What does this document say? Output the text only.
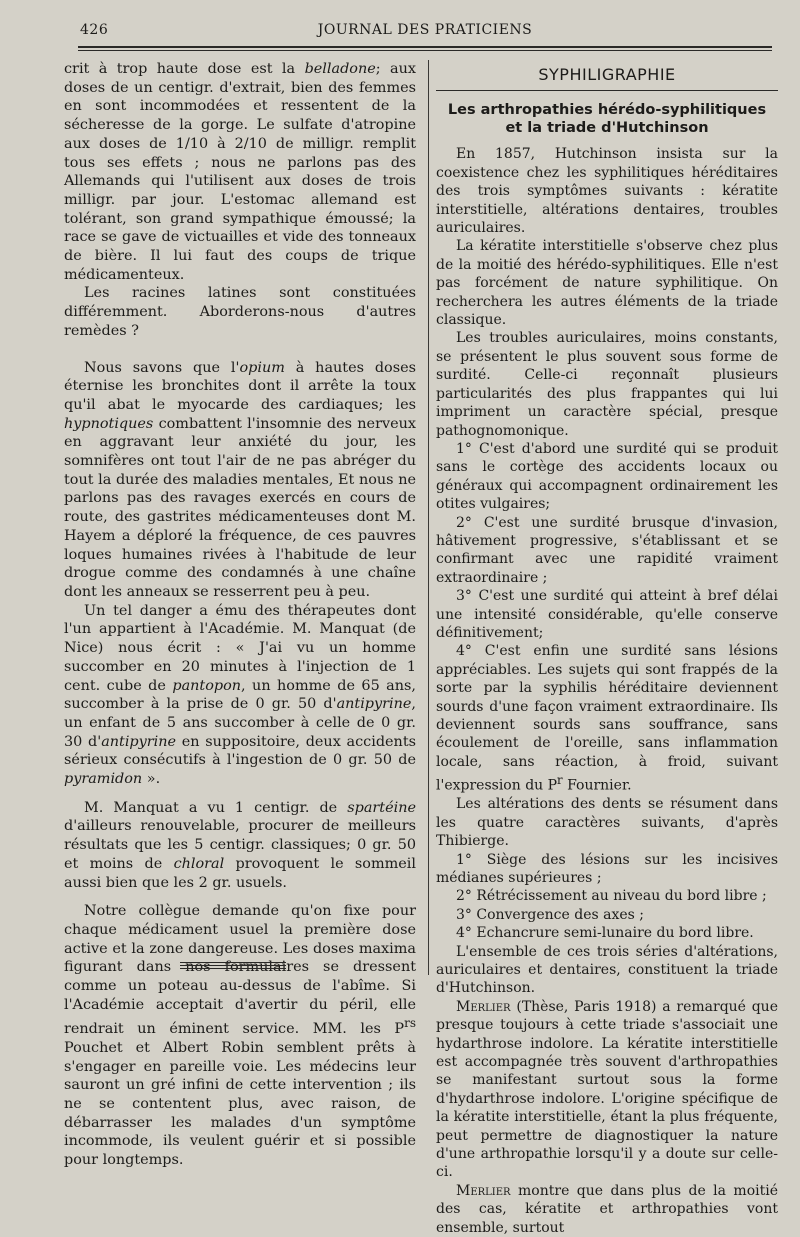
426	JOURNAL DES PRATICIENS

crit à trop haute dose est la belladone; aux doses de un centigr. d'extrait, bien des femmes en sont incommodées et ressentent de la sécheresse de la gorge. Le sulfate d'atropine aux doses de 1/10 à 2/10 de milligr. remplit tous ses effets ; nous ne parlons pas des Allemands qui l'utilisent aux doses de trois milligr. par jour. L'estomac allemand est tolérant, son grand sympathique émoussé; la race se gave de victuailles et vide des tonneaux de bière. Il lui faut des coups de trique médicamenteux.

Les racines latines sont constituées différemment. Aborderons-nous d'autres remèdes ?

Nous savons que l'opium à hautes doses éternise les bronchites dont il arrête la toux qu'il abat le myocarde des cardiaques; les hypnotiques combattent l'insomnie des nerveux en aggravant leur anxiété du jour, les somnifères ont tout l'air de ne pas abréger du tout la durée des maladies mentales, Et nous ne parlons pas des ravages exercés en cours de route, des gastrites médicamenteuses dont M. Hayem a déploré la fréquence, de ces pauvres loques humaines rivées à l'habitude de leur drogue comme des condamnés à une chaîne dont les anneaux se resserrent peu à peu.

Un tel danger a ému des thérapeutes dont l'un appartient à l'Académie. M. Manquat (de Nice) nous écrit : « J'ai vu un homme succomber en 20 minutes à l'injection de 1 cent. cube de pantopon, un homme de 65 ans, succomber à la prise de 0 gr. 50 d'antipyrine, un enfant de 5 ans succomber à celle de 0 gr. 30 d'antipyrine en suppositoire, deux accidents sérieux consécutifs à l'ingestion de 0 gr. 50 de pyramidon ».

M. Manquat a vu 1 centigr. de spartéine d'ailleurs renouvelable, procurer de meilleurs résultats que les 5 centigr. classiques; 0 gr. 50 et moins de chloral provoquent le sommeil aussi bien que les 2 gr. usuels.

Notre collègue demande qu'on fixe pour chaque médicament usuel la première dose active et la zone dangereuse. Les doses maxima figurant dans nos formulaires se dressent comme un poteau au-dessus de l'abîme. Si l'Académie acceptait d'avertir du péril, elle rendrait un éminent service. MM. les $P^{rs}$ Pouchet et Albert Robin semblent prêts à s'engager en pareille voie. Les médecins leur sauront un gré infini de cette intervention ; ils ne se contentent plus, avec raison, de débarrasser les malades d'un symptôme incommode, ils veulent guérir et si possible pour longtemps.

SYPHILIGRAPHIE
Les arthropathies hérédo-syphilitiques
et la triade d'Hutchinson

En 1857, Hutchinson insista sur la coexistence chez les syphilitiques héréditaires des trois symptômes suivants : kératite interstitielle, altérations dentaires, troubles auriculaires.

La kératite interstitielle s'observe chez plus de la moitié des hérédo-syphilitiques. Elle n'est pas forcément de nature syphilitique. On recherchera les autres éléments de la triade classique.

Les troubles auriculaires, moins constants, se présentent le plus souvent sous forme de surdité. Celle-ci reçonnaît plusieurs particularités des plus frappantes qui lui impriment un caractère spécial, presque pathognomonique.

1° C'est d'abord une surdité qui se produit sans le cortège des accidents locaux ou généraux qui accompagnent ordinairement les otites vulgaires;

2° C'est une surdité brusque d'invasion, hâtivement progressive, s'établissant et se confirmant avec une rapidité vraiment extraordinaire ;

3° C'est une surdité qui atteint à bref délai une intensité considérable, qu'elle conserve définitivement;

4° C'est enfin une surdité sans lésions appréciables. Les sujets qui sont frappés de la sorte par la syphilis héréditaire deviennent sourds d'une façon vraiment extraordinaire. Ils deviennent sourds sans souffrance, sans écoulement de l'oreille, sans inflammation locale, sans réaction, à froid, suivant l'expression du $P^r$ Fournier.

Les altérations des dents se résument dans les quatre caractères suivants, d'après Thibierge.

1° Siège des lésions sur les incisives médianes supérieures ;

2° Rétrécissement au niveau du bord libre ;

3° Convergence des axes ;

4° Echancrure semi-lunaire du bord libre.

L'ensemble de ces trois séries d'altérations, auriculaires et dentaires, constituent la triade d'Hutchinson.

Merlier (Thèse, Paris 1918) a remarqué que presque toujours à cette triade s'associait une hydarthrose indolore. La kératite interstitielle est accompagnée très souvent d'arthropathies se manifestant surtout sous la forme d'hydarthrose indolore. L'origine spécifique de la kératite interstitielle, étant la plus fréquente, peut permettre de diagnostiquer la nature d'une arthropathie lorsqu'il y a doute sur celle-ci.

Merlier montre que dans plus de la moitié des cas, kératite et arthropathies vont ensemble, surtout
